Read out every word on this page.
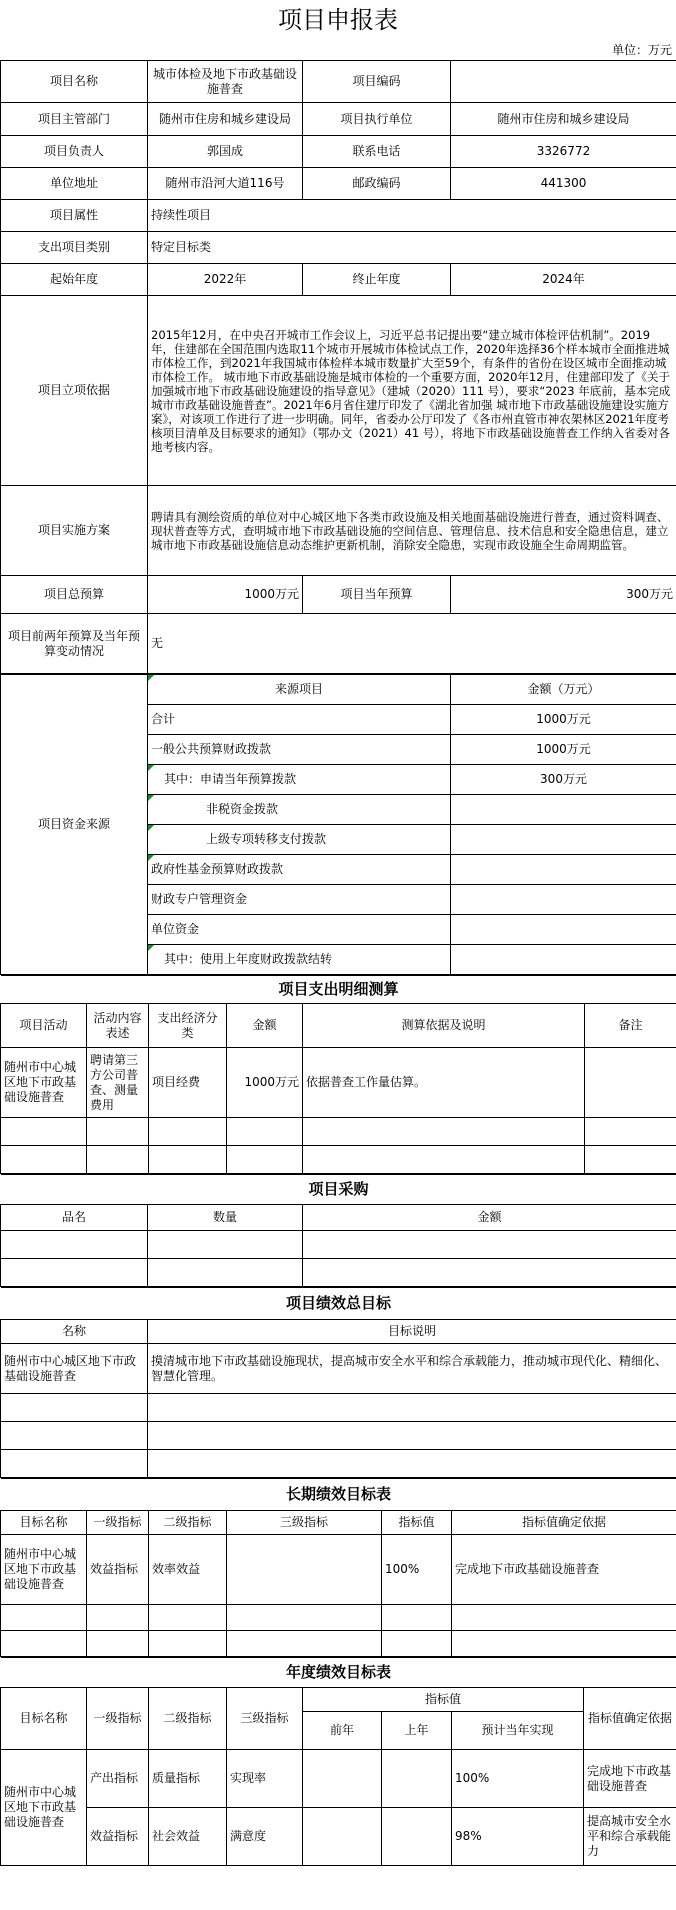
项目申报表
单位：万元
项目名称	城市体检及地下市政基础设施普查	项目编码	
项目主管部门	随州市住房和城乡建设局	项目执行单位	随州市住房和城乡建设局
项目负责人	郭国成	联系电话	3326772
单位地址	随州市沿河大道116号	邮政编码	441300
项目属性	持续性项目		
支出项目类别	特定目标类		
起始年度	2022年	终止年度	2024年
项目立项依据	2015年12月，在中央召开城市工作会议上，习近平总书记提出要“建立城市体检评估机制”。2019年，住建部在全国范围内选取11个城市开展城市体检试点工作，2020年选择36个样本城市全面推进城市体检工作，到2021年我国城市体检样本城市数量扩大至59个，有条件的省份在设区城市全面推动城市体检工作。 城市地下市政基础设施是城市体检的一个重要方面，2020年12月，住建部印发了《关于加强城市地下市政基础设施建设的指导意见》（建城（2020）111 号），要求“2023 年底前，基本完成城市市政基础设施普查”。2021年6月省住建厅印发了《湖北省加强 城市地下市政基础设施建设实施方案》，对该项工作进行了进一步明确。同年，省委办公厅印发了《各市州直管市神农架林区2021年度考核项目清单及目标要求的通知》（鄂办文（2021）41 号），将地下市政基础设施普查工作纳入省委对各地考核内容。		
项目实施方案	聘请具有测绘资质的单位对中心城区地下各类市政设施及相关地面基础设施进行普查，通过资料调查、现状普查等方式，查明城市地下市政基础设施的空间信息、管理信息、技术信息和安全隐患信息，建立城市地下市政基础设施信息动态维护更新机制，消除安全隐患，实现市政设施全生命周期监管。		
项目总预算	1000万元	项目当年预算	300万元
项目前两年预算及当年预算变动情况	无		
项目资金来源	来源项目	金额（万元）
	合计	1000万元
	一般公共预算财政拨款	1000万元
	其中：申请当年预算拨款	300万元
	非税资金拨款	
	上级专项转移支付拨款	
	政府性基金预算财政拨款	
	财政专户管理资金	
	单位资金	
	其中：使用上年度财政拨款结转	
项目支出明细测算					
项目活动	活动内容表述	支出经济分类	金额	测算依据及说明	备注
随州市中心城区地下市政基础设施普查	聘请第三方公司普查、测量费用	项目经费	1000万元	依据普查工作量估算。	

项目采购		
品名	数量	金额

项目绩效总目标	
名称	目标说明
随州市中心城区地下市政基础设施普查	摸清城市地下市政基础设施现状，提高城市安全水平和综合承载能力，推动城市现代化、精细化、智慧化管理。

长期绩效目标表					
目标名称	一级指标	二级指标	三级指标	指标值	指标值确定依据
随州市中心城区地下市政基础设施普查	效益指标	效率效益		100%	完成地下市政基础设施普查

年度绩效目标表							
目标名称	一级指标	二级指标	三级指标	指标值			指标值确定依据
				前年	上年	预计当年实现	
随州市中心城区地下市政基础设施普查	产出指标	质量指标	实现率			100%	完成地下市政基础设施普查
	效益指标	社会效益	满意度			98%	提高城市安全水平和综合承载能力
